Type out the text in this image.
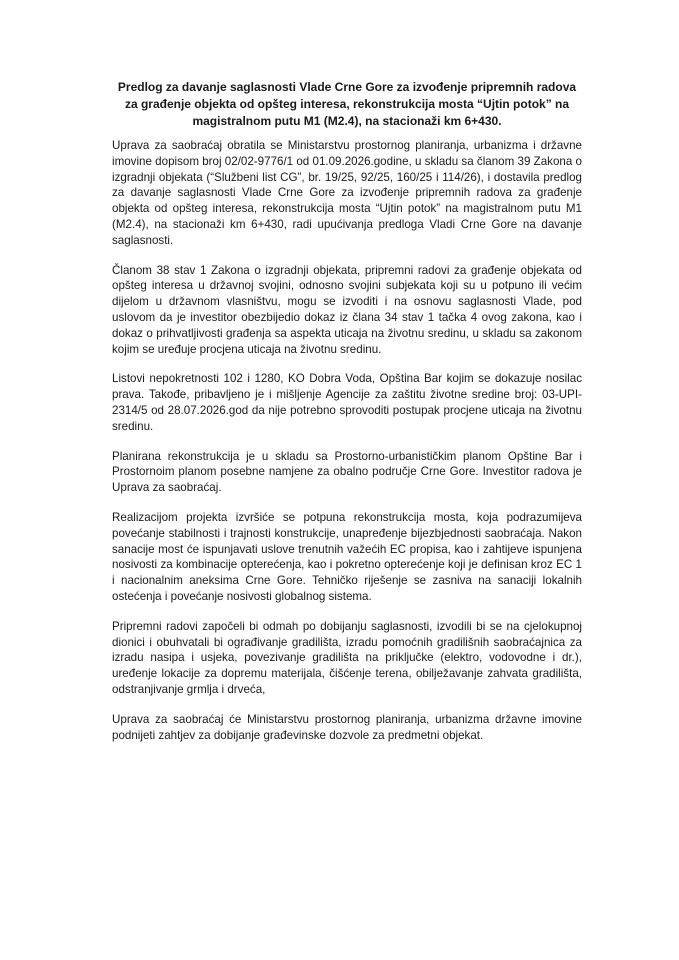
Predlog za davanje saglasnosti Vlade Crne Gore za izvođenje pripremnih radova za građenje objekta od opšteg interesa, rekonstrukcija mosta “Ujtin potok” na magistralnom putu M1 (M2.4), na stacionaži km 6+430.

Uprava za saobraćaj obratila se Ministarstvu prostornog planiranja, urbanizma i državne imovine dopisom broj 02/02-9776/1 od 01.09.2026.godine, u skladu sa članom 39 Zakona o izgradnji objekata (“Službeni list CG”, br. 19/25, 92/25, 160/25 i 114/26), i dostavila predlog za davanje saglasnosti Vlade Crne Gore za izvođenje pripremnih radova za građenje objekta od opšteg interesa, rekonstrukcija mosta “Ujtin potok” na magistralnom putu M1 (M2.4), na stacionaži km 6+430, radi upućivanja predloga Vladi Crne Gore na davanje saglasnosti.

Članom 38 stav 1 Zakona o izgradnji objekata, pripremni radovi za građenje objekata od opšteg interesa u državnoj svojini, odnosno svojini subjekata koji su u potpuno ili većim dijelom u državnom vlasništvu, mogu se izvoditi i na osnovu saglasnosti Vlade, pod uslovom da je investitor obezbijedio dokaz iz člana 34 stav 1 tačka 4 ovog zakona, kao i dokaz o prihvatljivosti građenja sa aspekta uticaja na životnu sredinu, u skladu sa zakonom kojim se uređuje procjena uticaja na životnu sredinu.

Listovi nepokretnosti 102 i 1280, KO Dobra Voda, Opština Bar kojim se dokazuje nosilac prava. Takođe, pribavljeno je i mišljenje Agencije za zaštitu životne sredine broj: 03-UPI-2314/5 od 28.07.2026.god da nije potrebno sprovoditi postupak procjene uticaja na životnu sredinu.

Planirana rekonstrukcija je u skladu sa Prostorno-urbanističkim planom Opštine Bar i Prostornoim planom posebne namjene za obalno područje Crne Gore. Investitor radova je Uprava za saobraćaj.

Realizacijom projekta izvršiće se potpuna rekonstrukcija mosta, koja podrazumijeva povećanje stabilnosti i trajnosti konstrukcije, unapređenje bijezbjednosti saobraćaja. Nakon sanacije most će ispunjavati uslove trenutnih važećih EC propisa, kao i zahtijeve ispunjena nosivosti za kombinacije opterećenja, kao i pokretno opterećenje koji je definisan kroz EC 1 i nacionalnim aneksima Crne Gore. Tehničko riješenje se zasniva na sanaciji lokalnih ostećenja i povećanje nosivosti globalnog sistema.

Pripremni radovi započeli bi odmah po dobijanju saglasnosti, izvodili bi se na cjelokupnoj dionici i obuhvatali bi ograđivanje gradilišta, izradu pomoćnih gradilišnih saobraćajnica za izradu nasipa i usjeka, povezivanje gradilišta na priključke (elektro, vodovodne i dr.), uređenje lokacije za dopremu materijala, čišćenje terena, obilježavanje zahvata gradilišta, odstranjivanje grmlja i drveća,

Uprava za saobraćaj će Ministarstvu prostornog planiranja, urbanizma državne imovine podnijeti zahtjev za dobijanje građevinske dozvole za predmetni objekat.
